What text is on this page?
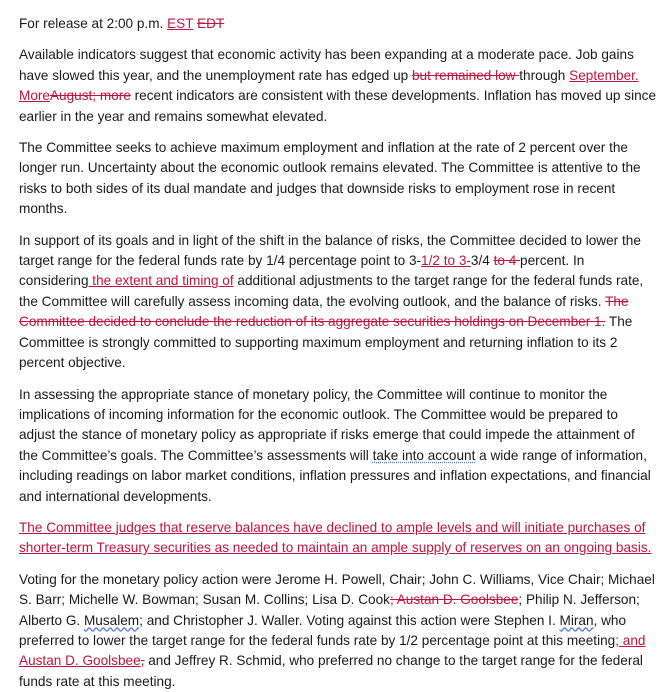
For release at 2:00 p.m. EST EDT

Available indicators suggest that economic activity has been expanding at a moderate pace. Job gains have slowed this year, and the unemployment rate has edged up but remained low through September. MoreAugust; more recent indicators are consistent with these developments. Inflation has moved up since earlier in the year and remains somewhat elevated.

The Committee seeks to achieve maximum employment and inflation at the rate of 2 percent over the longer run. Uncertainty about the economic outlook remains elevated. The Committee is attentive to the risks to both sides of its dual mandate and judges that downside risks to employment rose in recent months.

In support of its goals and in light of the shift in the balance of risks, the Committee decided to lower the target range for the federal funds rate by 1/4 percentage point to 3-1/2 to 3-3/4 to 4 percent. In considering the extent and timing of additional adjustments to the target range for the federal funds rate, the Committee will carefully assess incoming data, the evolving outlook, and the balance of risks. The Committee decided to conclude the reduction of its aggregate securities holdings on December 1. The Committee is strongly committed to supporting maximum employment and returning inflation to its 2 percent objective.

In assessing the appropriate stance of monetary policy, the Committee will continue to monitor the implications of incoming information for the economic outlook. The Committee would be prepared to adjust the stance of monetary policy as appropriate if risks emerge that could impede the attainment of the Committee’s goals. The Committee’s assessments will take into account a wide range of information, including readings on labor market conditions, inflation pressures and inflation expectations, and financial and international developments.

The Committee judges that reserve balances have declined to ample levels and will initiate purchases of shorter-term Treasury securities as needed to maintain an ample supply of reserves on an ongoing basis.

Voting for the monetary policy action were Jerome H. Powell, Chair; John C. Williams, Vice Chair; Michael S. Barr; Michelle W. Bowman; Susan M. Collins; Lisa D. Cook; Austan D. Goolsbee; Philip N. Jefferson; Alberto G. Musalem; and Christopher J. Waller. Voting against this action were Stephen I. Miran, who preferred to lower the target range for the federal funds rate by 1/2 percentage point at this meeting; and Austan D. Goolsbee, and Jeffrey R. Schmid, who preferred no change to the target range for the federal funds rate at this meeting.
